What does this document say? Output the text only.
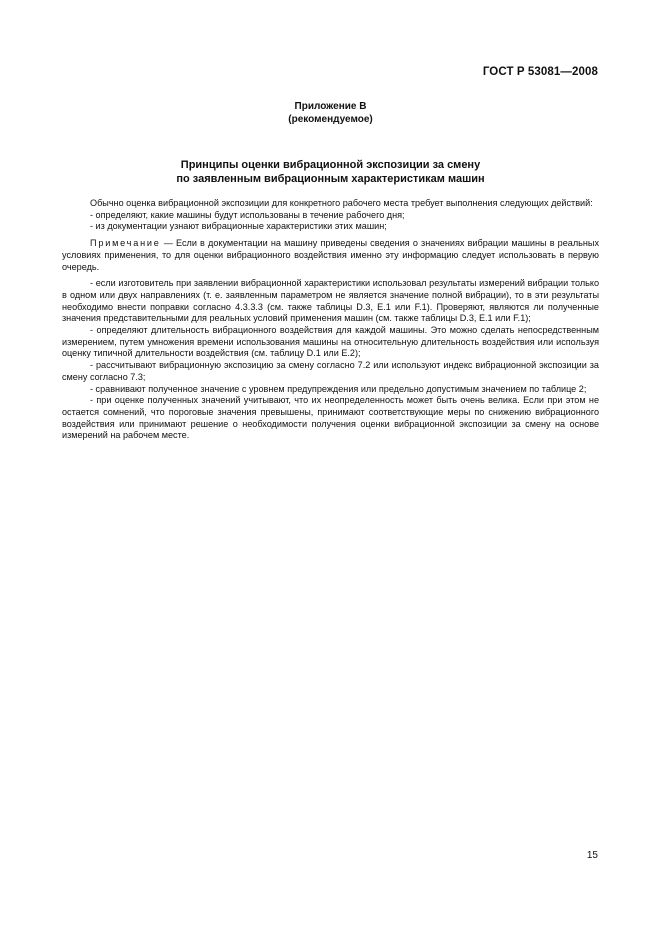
ГОСТ Р 53081—2008
Приложение В
(рекомендуемое)
Принципы оценки вибрационной экспозиции за смену
по заявленным вибрационным характеристикам машин

Обычно оценка вибрационной экспозиции для конкретного рабочего места требует выполнения следующих действий:

- определяют, какие машины будут использованы в течение рабочего дня;

- из документации узнают вибрационные характеристики этих машин;

Примечание — Если в документации на машину приведены сведения о значениях вибрации машины в реальных условиях применения, то для оценки вибрационного воздействия именно эту информацию следует использовать в первую очередь.

- если изготовитель при заявлении вибрационной характеристики использовал результаты измерений вибрации только в одном или двух направлениях (т. е. заявленным параметром не является значение полной вибрации), то в эти результаты необходимо внести поправки согласно 4.3.3.3 (см. также таблицы D.3, E.1 или F.1). Проверяют, являются ли полученные значения представительными для реальных условий применения машин (см. также таблицы D.3, E.1 или F.1);

- определяют длительность вибрационного воздействия для каждой машины. Это можно сделать непосредственным измерением, путем умножения времени использования машины на относительную длительность воздействия или используя оценку типичной длительности воздействия (см. таблицу D.1 или E.2);

- рассчитывают вибрационную экспозицию за смену согласно 7.2 или используют индекс вибрационной экспозиции за смену согласно 7.3;

- сравнивают полученное значение с уровнем предупреждения или предельно допустимым значением по таблице 2;

- при оценке полученных значений учитывают, что их неопределенность может быть очень велика. Если при этом не остается сомнений, что пороговые значения превышены, принимают соответствующие меры по снижению вибрационного воздействия или принимают решение о необходимости получения оценки вибрационной экспозиции за смену на основе измерений на рабочем месте.

15
